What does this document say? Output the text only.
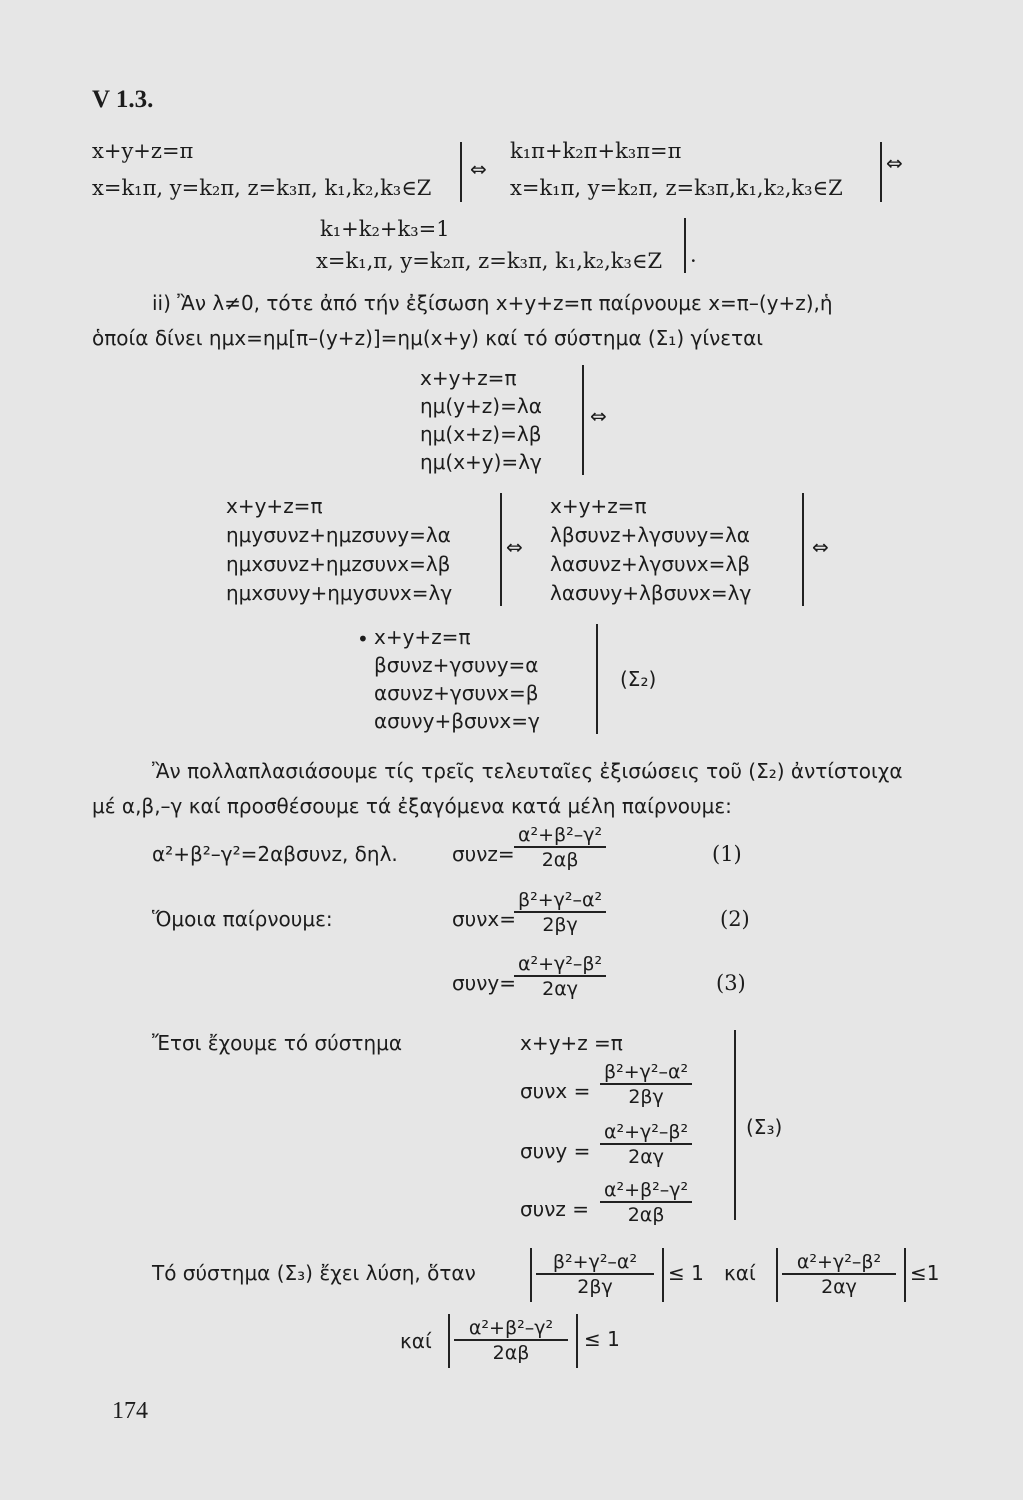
V 1.3.
x+y+z=π
x=k₁π, y=k₂π, z=k₃π, k₁,k₂,k₃∈Z
⇔
k₁π+k₂π+k₃π=π
x=k₁π, y=k₂π, z=k₃π,k₁,k₂,k₃∈Z
⇔
k₁+k₂+k₃=1
x=k₁,π, y=k₂π, z=k₃π, k₁,k₂,k₃∈Z ·
ii) Ἂν λ≠0, τότε ἀπό τήν ἐξίσωση x+y+z=π παίρνουμε x=π–(y+z),ἡ
ὁποία δίνει ημx=ημ[π–(y+z)]=ημ(x+y) καί τό σύστημα (Σ₁) γίνεται
x+y+z=π
ημ(y+z)=λα
ημ(x+z)=λβ
ημ(x+y)=λγ
⇔
x+y+z=π
ημyσυνz+ημzσυνy=λα
ημxσυνz+ημzσυνx=λβ
ημxσυνy+ημyσυνx=λγ
⇔
x+y+z=π
λβσυνz+λγσυνy=λα
λασυνz+λγσυνx=λβ
λασυνy+λβσυνx=λγ
⇔
• x+y+z=π
βσυνz+γσυνy=α
ασυνz+γσυνx=β
ασυνy+βσυνx=γ
(Σ₂)
Ἂν πολλαπλασιάσουμε τίς τρεῖς τελευταῖες ἐξισώσεις τοῦ (Σ₂) ἀντίστοιχα
μέ α,β,–γ καί προσθέσουμε τά ἐξαγόμενα κατά μέλη παίρνουμε:
α²+β²–γ²=2αβσυνz, δηλ.	$\sigma\upsilon\nu z= \frac{\text{α²+β²–γ²}}{2\alpha\beta}$	(1)
Ὅμοια παίρνουμε:	συνx=
$\frac{\text{β²+γ²–α²}}{2\beta\gamma}$	(2)
συνy=
$\frac{\text{α²+γ²–β²}}{2\alpha\gamma}$	(3)
Ἔτσι ἔχουμε τό σύστημα	x+y+z =π
$\sigma\upsilon\nu x = \frac{\text{β²+γ²–α²}}{2\beta\gamma}$
$\sigma\upsilon\nu y = \frac{\text{α²+γ²–β²}}{2\alpha\gamma}$
$\sigma\upsilon\nu z = \frac{\text{α²+β²–γ²}}{2\alpha\beta}$
(Σ₃)
Τό σύστημα (Σ₃) ἔχει λύση, ὅταν	$\frac{\text{β²+γ²–α²}}{2\beta\gamma} \le 1$ καί $\frac{\text{α²+γ²–β²}}{2\alpha\gamma} \le 1$
καί $\frac{\text{α²+β²–γ²}}{2\alpha\beta} \le 1$
174
